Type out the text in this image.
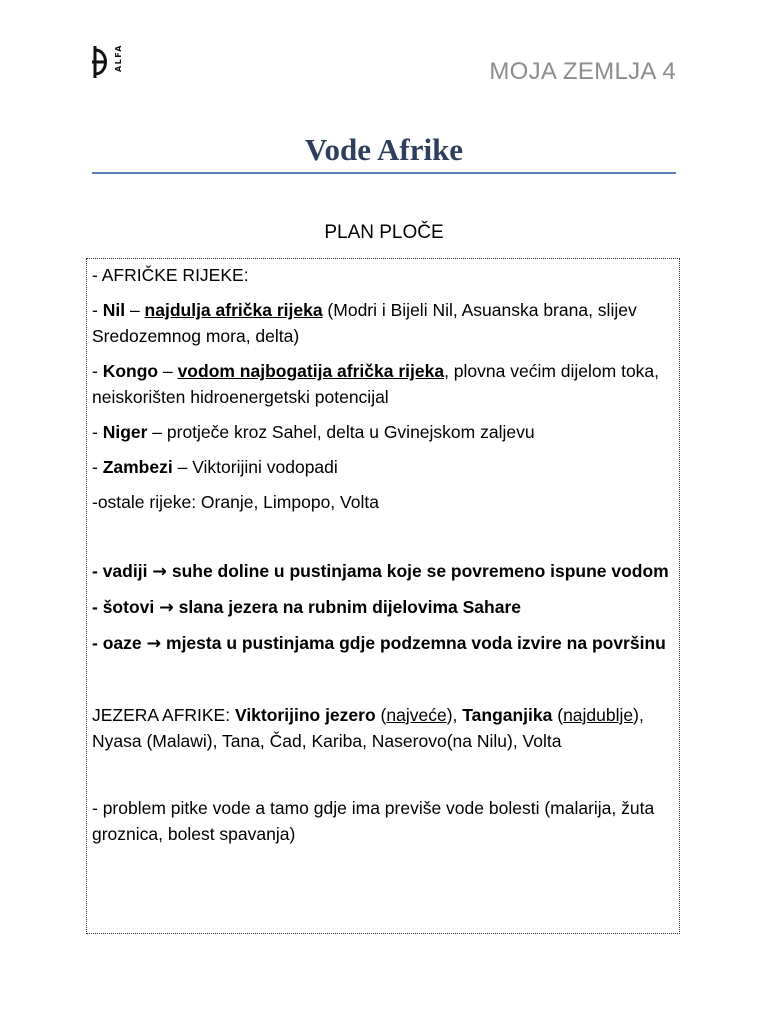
ALFA	MOJA ZEMLJA 4
Vode Afrike
PLAN PLOČE

- AFRIČKE RIJEKE:

- Nil – najdulja afrička rijeka (Modri i Bijeli Nil, Asuanska brana, slijev Sredozemnog mora, delta)

- Kongo – vodom najbogatija afrička rijeka, plovna većim dijelom toka, neiskorišten hidroenergetski potencijal

- Niger – protječe kroz Sahel, delta u Gvinejskom zaljevu

- Zambezi – Viktorijini vodopadi

-ostale rijeke: Oranje, Limpopo, Volta

- vadiji → suhe doline u pustinjama koje se povremeno ispune vodom

- šotovi → slana jezera na rubnim dijelovima Sahare

- oaze → mjesta u pustinjama gdje podzemna voda izvire na površinu

JEZERA AFRIKE: Viktorijino jezero (najveće), Tanganjika (najdublje), Nyasa (Malawi), Tana, Čad, Kariba, Naserovo(na Nilu), Volta

- problem pitke vode a tamo gdje ima previše vode bolesti (malarija, žuta groznica, bolest spavanja)
